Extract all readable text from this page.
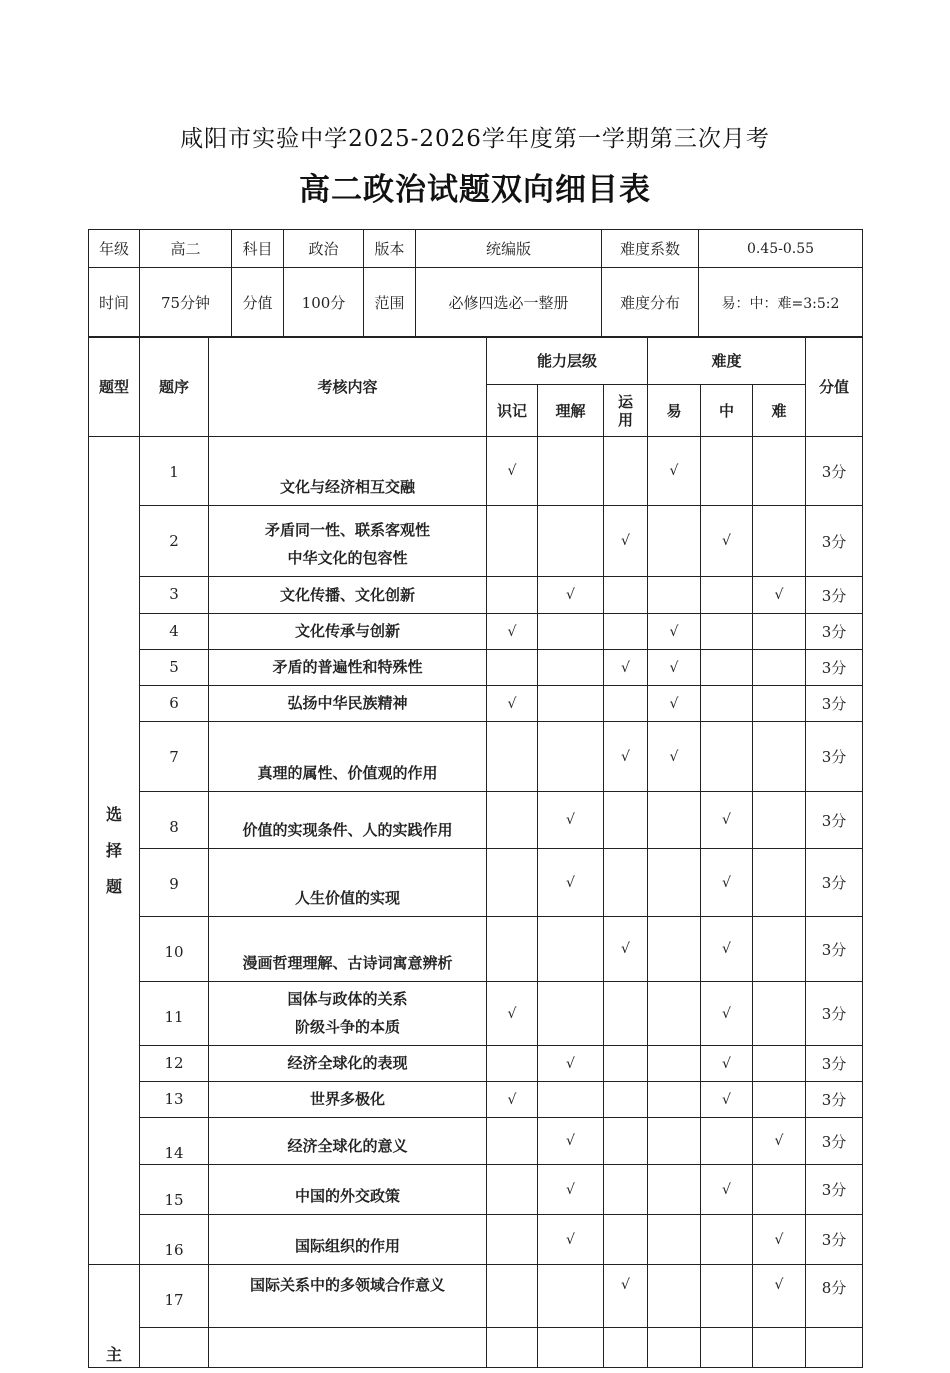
咸阳市实验中学2025-2026学年度第一学期第三次月考
高二政治试题双向细目表
年级	高二	科目	政治	版本	统编版	难度系数	0.45-0.55
时间	75分钟	分值	100分	范围	必修四选必一整册	难度分布	易：中：难=3:5:2
题型	题序	考核内容	能力层级			难度			分值
			识记	理解	运
用	易	中	难	

选
择
题	1	文化与经济相互交融	√			√			3分
	2	矛盾同一性、联系客观性
中华文化的包容性			√		√		3分
	3	文化传播、文化创新		√				√	3分
	4	文化传承与创新	√			√			3分
	5	矛盾的普遍性和特殊性			√	√			3分
	6	弘扬中华民族精神	√			√			3分
	7	真理的属性、价值观的作用			√	√			3分
	8	价值的实现条件、人的实践作用		√			√		3分
	9	人生价值的实现		√			√		3分
	10	漫画哲理理解、古诗词寓意辨析			√		√		3分
	11	国体与政体的关系
阶级斗争的本质	√				√		3分
	12	经济全球化的表现		√			√		3分
	13	世界多极化	√				√		3分
	14	经济全球化的意义		√				√	3分
	15	中国的外交政策		√			√		3分
	16	国际组织的作用		√				√	3分

主	17	国际关系中的多领域合作意义			√			√	8分
